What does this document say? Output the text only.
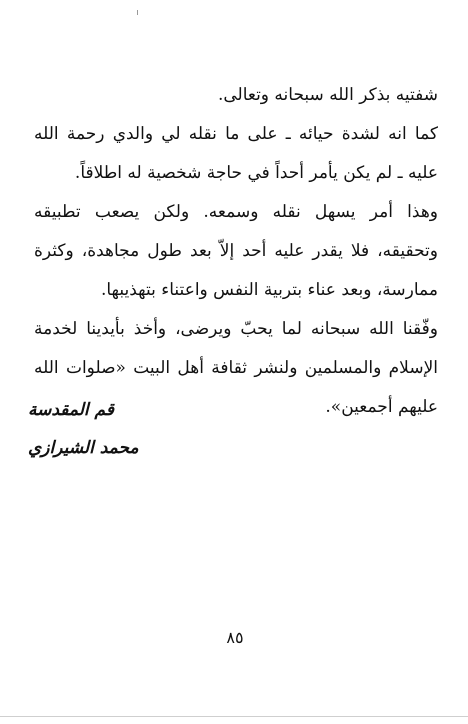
شفتيه بذكر الله سبحانه وتعالى.
كما انه لشدة حيائه ـ على ما نقله لي والدي رحمة الله
عليه ـ لم يكن يأمر أحداً في حاجة شخصية له اطلاقاً.
وهذا أمر يسهل نقله وسمعه. ولكن يصعب تطبيقه
وتحقيقه، فلا يقدر عليه أحد إلاّ بعد طول مجاهدة، وكثرة
ممارسة، وبعد عناء بتربية النفس واعتناء بتهذيبها.
وفّقنا الله سبحانه لما يحبّ ويرضى، وأخذ بأيدينا لخدمة
الإسلام والمسلمين ولنشر ثقافة أهل البيت «صلوات الله
عليهم أجمعين».
قم المقدسة
محمد الشيرازي
٨٥
